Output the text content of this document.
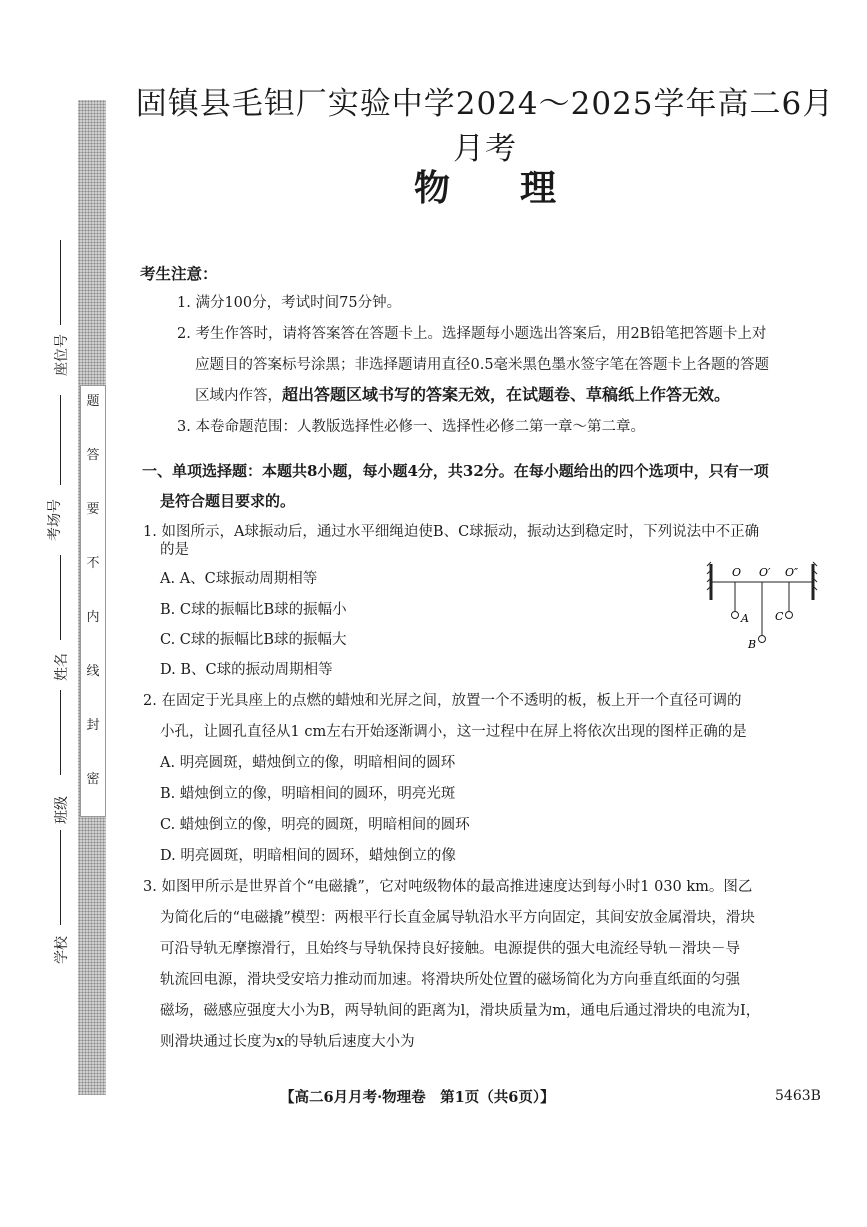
题
答
要
不
内
线
封
密
座位号
考场号
姓名
班级
学校
固镇县毛钽厂实验中学2024～2025学年高二6月月考
物理
考生注意：
1. 满分100分，考试时间75分钟。
2. 考生作答时，请将答案答在答题卡上。选择题每小题选出答案后，用2B铅笔把答题卡上对
应题目的答案标号涂黑；非选择题请用直径0.5毫米黑色墨水签字笔在答题卡上各题的答题
区域内作答， 超出答题区域书写的答案无效，在试题卷、草稿纸上作答无效。
3. 本卷命题范围：人教版选择性必修一、选择性必修二第一章～第二章。
一、单项选择题：本题共8小题，每小题4分，共32分。在每小题给出的四个选项中，只有一项
是符合题目要求的。
1. 如图所示，A球振动后，通过水平细绳迫使B、C球振动，振动达到稳定时，下列说法中不正确
的是
A. A、C球振动周期相等
B. C球的振幅比B球的振幅小
C. C球的振幅比B球的振幅大
D. B、C球的振动周期相等
O O′ O″
A
B
C
2. 在固定于光具座上的点燃的蜡烛和光屏之间，放置一个不透明的板，板上开一个直径可调的
小孔，让圆孔直径从1 cm左右开始逐渐调小，这一过程中在屏上将依次出现的图样正确的是
A. 明亮圆斑，蜡烛倒立的像，明暗相间的圆环
B. 蜡烛倒立的像，明暗相间的圆环，明亮光斑
C. 蜡烛倒立的像，明亮的圆斑，明暗相间的圆环
D. 明亮圆斑，明暗相间的圆环，蜡烛倒立的像
3. 如图甲所示是世界首个“电磁撬”，它对吨级物体的最高推进速度达到每小时1 030 km。图乙
为简化后的“电磁撬”模型：两根平行长直金属导轨沿水平方向固定，其间安放金属滑块，滑块
可沿导轨无摩擦滑行，且始终与导轨保持良好接触。电源提供的强大电流经导轨－滑块－导
轨流回电源，滑块受安培力推动而加速。将滑块所处位置的磁场简化为方向垂直纸面的匀强
磁场，磁感应强度大小为B，两导轨间的距离为l，滑块质量为m，通电后通过滑块的电流为I，
则滑块通过长度为x的导轨后速度大小为
【高二6月月考·物理卷　第1页（共6页）】	5463B
